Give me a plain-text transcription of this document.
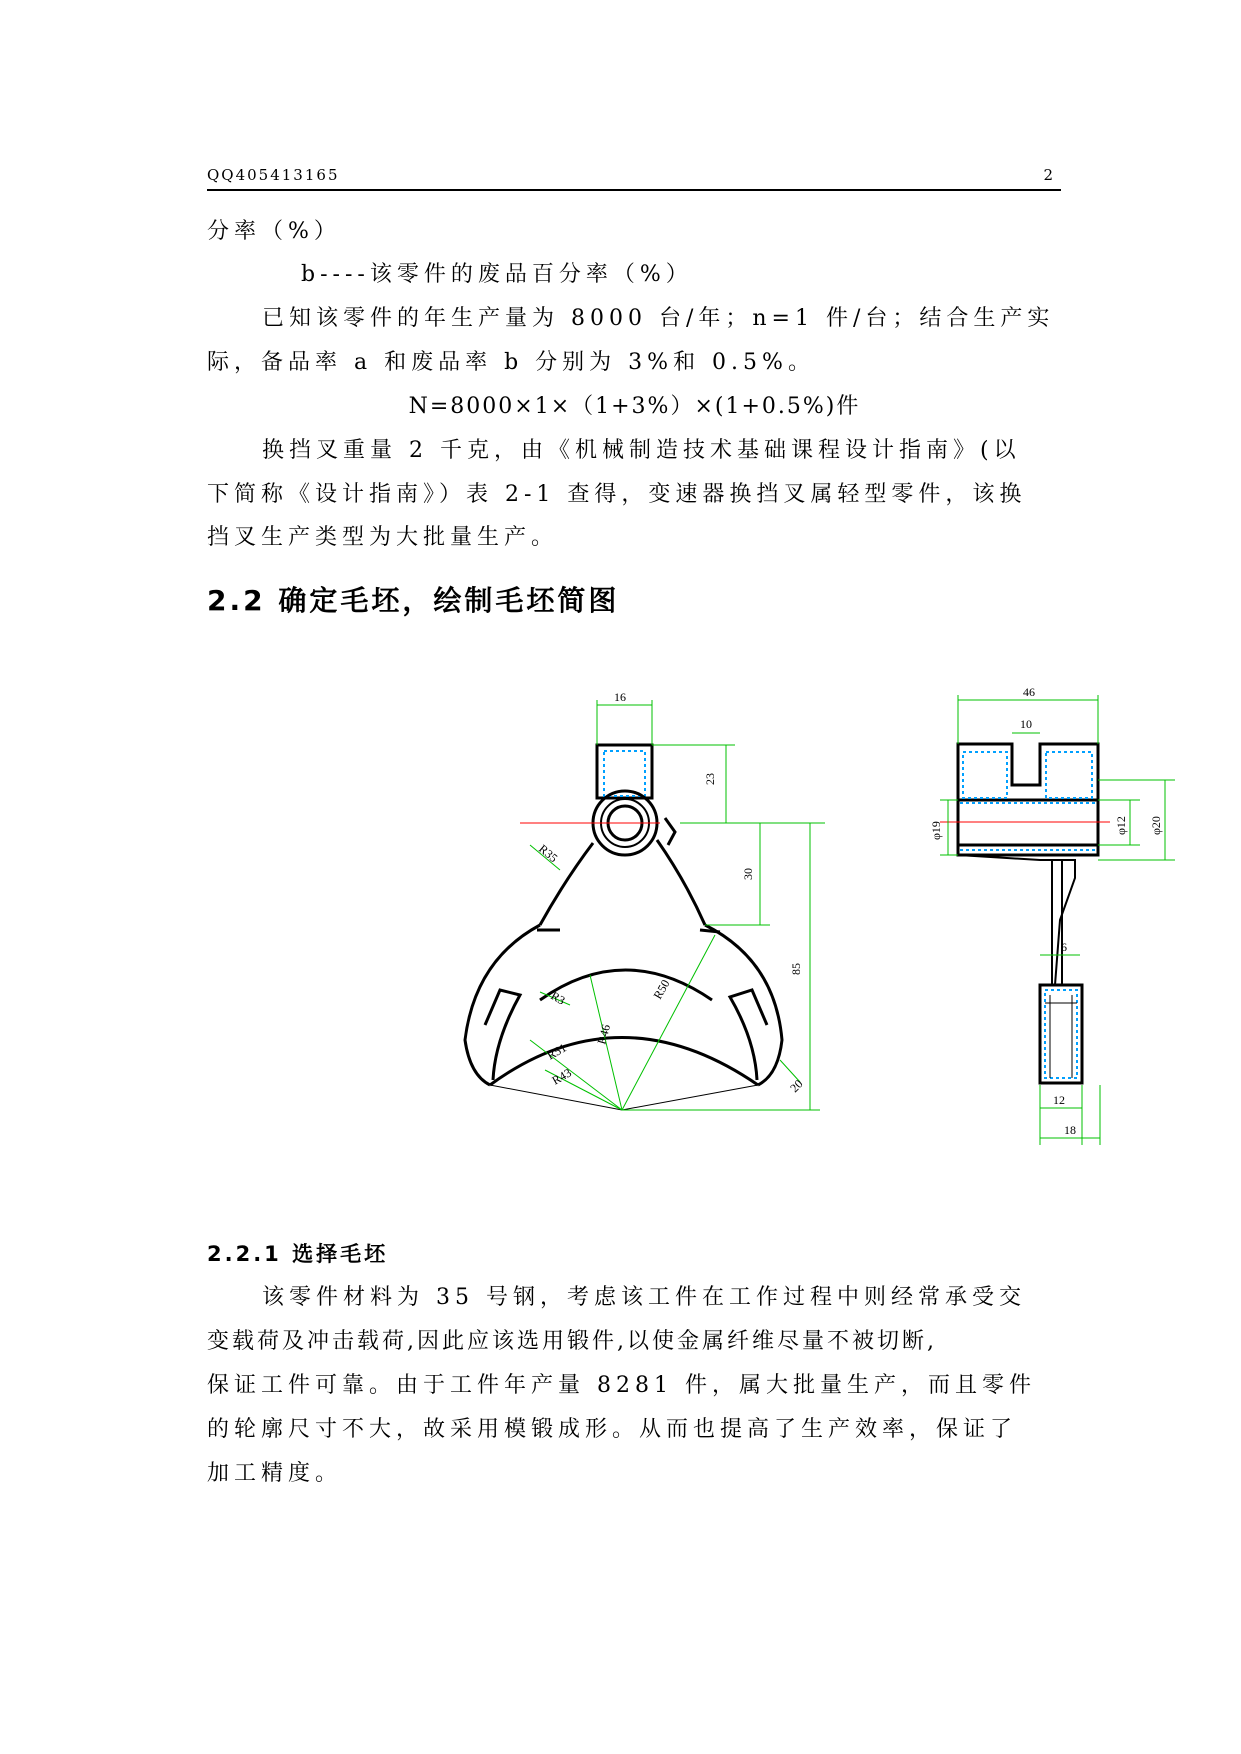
QQ405413165	2
分率（%）
b----该零件的废品百分率（%）
已知该零件的年生产量为 8000 台/年；n=1 件/台；结合生产实
际，备品率 a 和废品率 b 分别为 3%和 0.5%。
N=8000×1×（1+3%）×(1+0.5%)件
换挡叉重量 2 千克，由《机械制造技术基础课程设计指南》(以
下简称《设计指南》）表 2-1 查得，变速器换挡叉属轻型零件，该换
挡叉生产类型为大批量生产。
2.2 确定毛坯，绘制毛坯简图
16
23
R35
30
85
R3	R50
R46
R51
R43	20
46
10
φ19	φ12 φ20
6
12
18
2.2.1 选择毛坯
该零件材料为 35 号钢，考虑该工件在工作过程中则经常承受交
变载荷及冲击载荷,因此应该选用锻件,以使金属纤维尽量不被切断,
保证工件可靠。由于工件年产量 8281 件，属大批量生产，而且零件
的轮廓尺寸不大，故采用模锻成形。从而也提高了生产效率，保证了
加工精度。
